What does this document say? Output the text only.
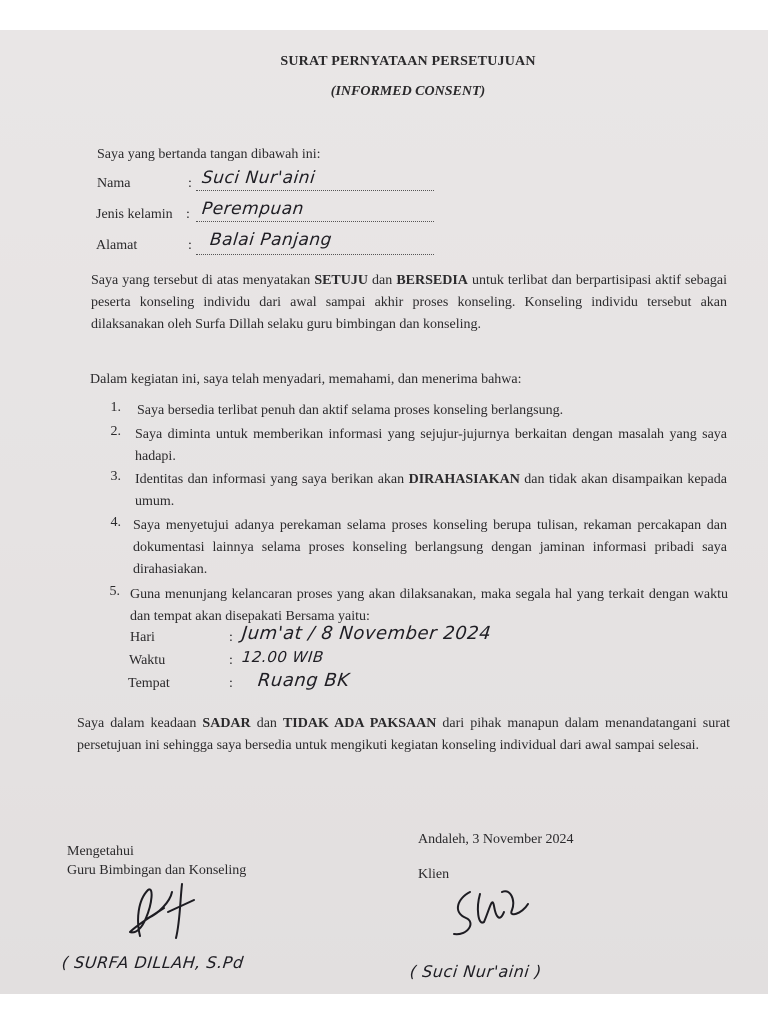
SURAT PERNYATAAN PERSETUJUAN
(INFORMED CONSENT)
Saya yang bertanda tangan dibawah ini:
Nama	: Suci Nur'aini
Jenis kelamin : Perempuan
Alamat	: Balai Panjang
Saya yang tersebut di atas menyatakan SETUJU dan BERSEDIA untuk terlibat dan berpartisipasi aktif sebagai peserta konseling individu dari awal sampai akhir proses konseling. Konseling individu tersebut akan dilaksanakan oleh Surfa Dillah selaku guru bimbingan dan konseling.
Dalam kegiatan ini, saya telah menyadari, memahami, dan menerima bahwa:
1. Saya bersedia terlibat penuh dan aktif selama proses konseling berlangsung.
2. Saya diminta untuk memberikan informasi yang sejujur-jujurnya berkaitan dengan masalah yang saya hadapi.
3. Identitas dan informasi yang saya berikan akan DIRAHASIAKAN dan tidak akan disampaikan kepada umum.
4. Saya menyetujui adanya perekaman selama proses konseling berupa tulisan, rekaman percakapan dan dokumentasi lainnya selama proses konseling berlangsung dengan jaminan informasi pribadi saya dirahasiakan.
5. Guna menunjang kelancaran proses yang akan dilaksanakan, maka segala hal yang terkait dengan waktu dan tempat akan disepakati Bersama yaitu:
Hari	: Jum'at / 8 November 2024
Waktu	: 12.00 WIB
Tempat	: Ruang BK
Saya dalam keadaan SADAR dan TIDAK ADA PAKSAAN dari pihak manapun dalam menandatangani surat persetujuan ini sehingga saya bersedia untuk mengikuti kegiatan konseling individual dari awal sampai selesai.
Andaleh, 3 November 2024
Mengetahui
Guru Bimbingan dan Konseling	Klien
( SURFA DILLAH, S.Pd	( Suci Nur'aini )
